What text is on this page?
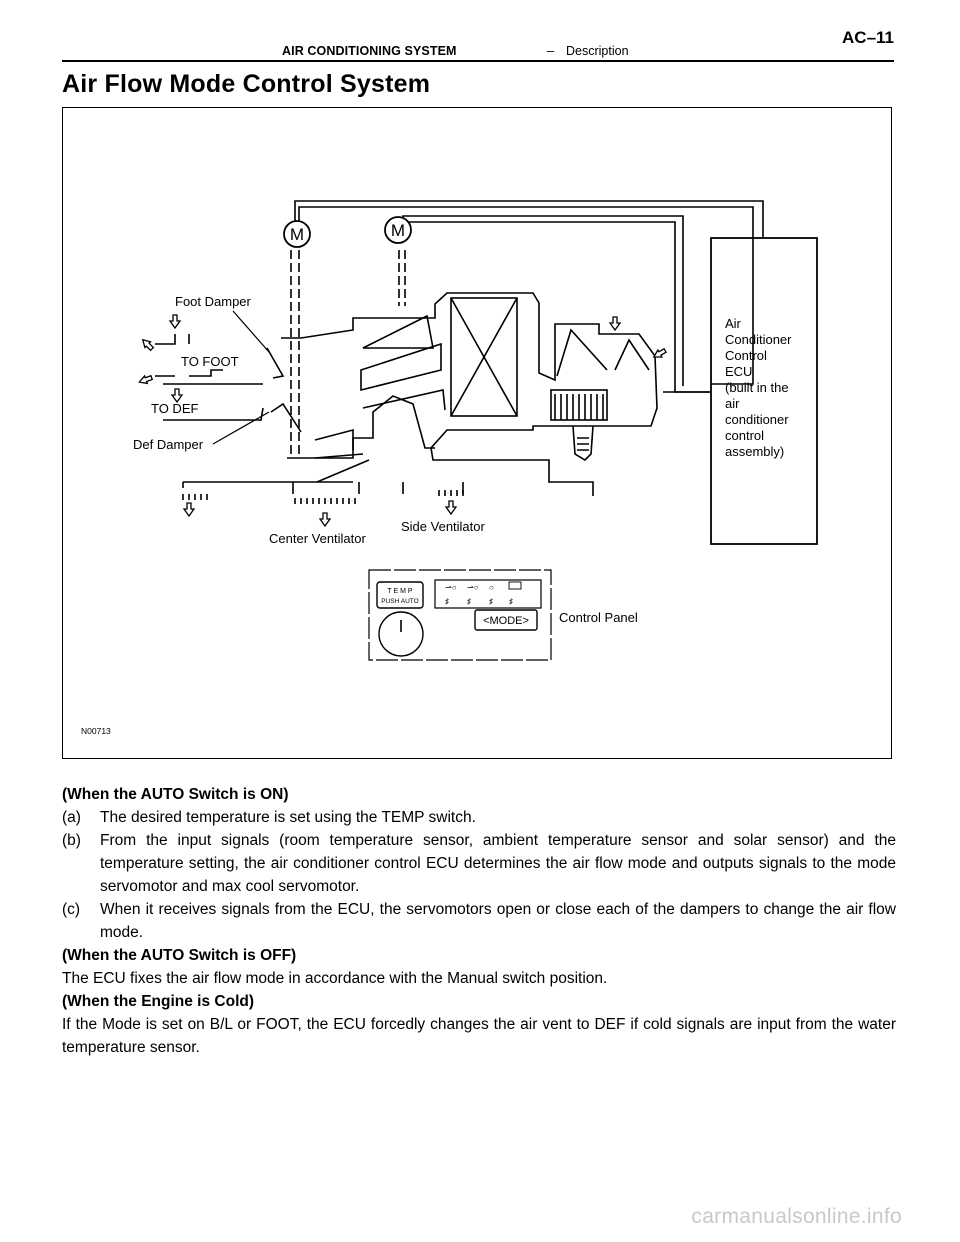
AIR CONDITIONING SYSTEM	– Description
AC–11
Air Flow Mode Control System
M	M
Foot Damper
TO FOOT
TO DEF
Def Damper
Center Ventilator
Side Ventilator
Air
Conditioner
Control
ECU
(built in the
air
conditioner
control
assembly)
T E M P
PUSH AUTO
⇀○ ⇀○ ○
♯ ♯ ♯ ♯
<MODE> Control Panel
N00713

(When the AUTO Switch is ON)

(a)	The desired temperature is set using the TEMP switch.
(b)	From the input signals (room temperature sensor, ambient temperature sensor and solar sensor) and the temperature setting, the air conditioner control ECU determines the air flow mode and outputs signals to the mode servomotor and max cool servomotor.
(c)	When it receives signals from the ECU, the servomotors open or close each of the dampers to change the air flow mode.

(When the AUTO Switch is OFF)

The ECU fixes the air flow mode in accordance with the Manual switch position.

(When the Engine is Cold)

If the Mode is set on B/L or FOOT, the ECU forcedly changes the air vent to DEF if cold signals are input from the water temperature sensor.

carmanualsonline.info
